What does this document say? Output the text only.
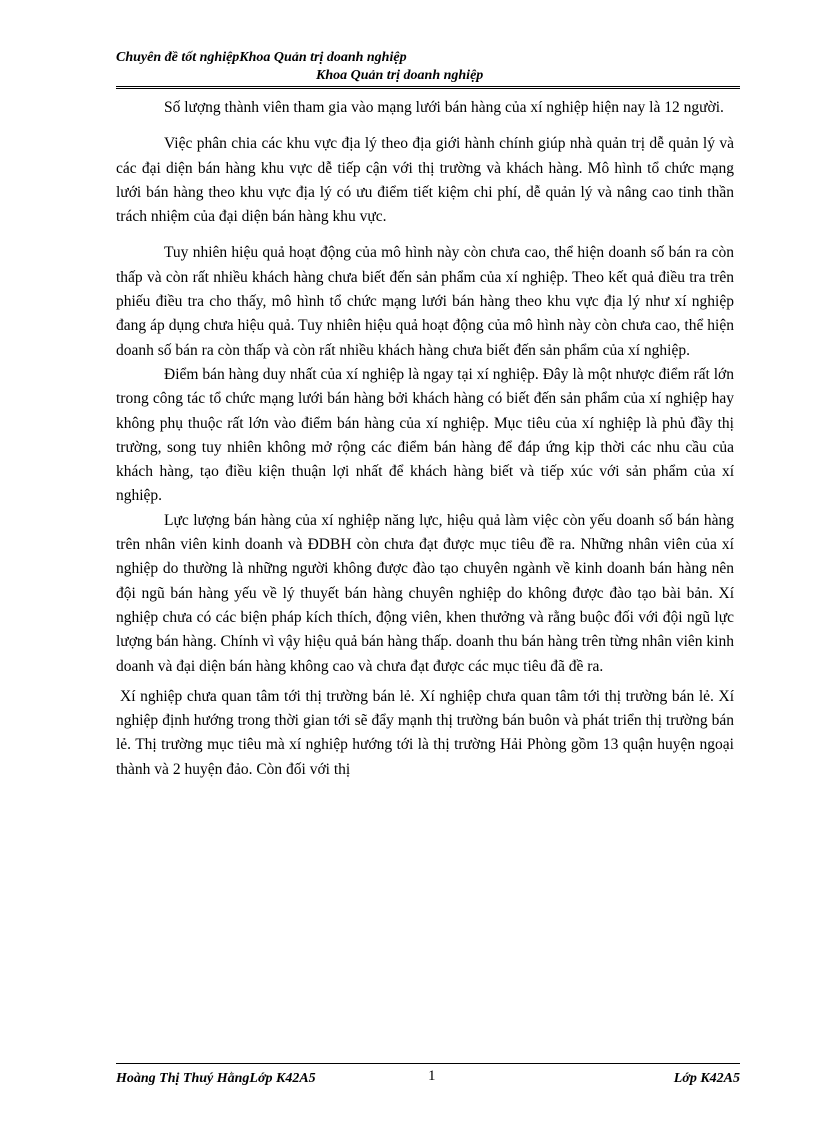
Chuyên đề tốt nghiệpKhoa Quản trị doanh nghiệp
Khoa Quản trị doanh nghiệp

Số lượng thành viên tham gia vào mạng lưới bán hàng của xí nghiệp hiện nay là 12 người.

Việc phân chia các khu vực địa lý theo địa giới hành chính giúp nhà quản trị dễ quản lý và các đại diện bán hàng khu vực dễ tiếp cận với thị trường và khách hàng. Mô hình tổ chức mạng lưới bán hàng theo khu vực địa lý có ưu điểm tiết kiệm chi phí, dễ quản lý và nâng cao tinh thần trách nhiệm của đại diện bán hàng khu vực.

Tuy nhiên hiệu quả hoạt động của mô hình này còn chưa cao, thể hiện doanh số bán ra còn thấp và còn rất nhiều khách hàng chưa biết đến sản phẩm của xí nghiệp. Theo kết quả điều tra trên phiếu điều tra cho thấy, mô hình tổ chức mạng lưới bán hàng theo khu vực địa lý như xí nghiệp đang áp dụng chưa hiệu quả. Tuy nhiên hiệu quả hoạt động của mô hình này còn chưa cao, thể hiện doanh số bán ra còn thấp và còn rất nhiều khách hàng chưa biết đến sản phẩm của xí nghiệp.

Điểm bán hàng duy nhất của xí nghiệp là ngay tại xí nghiệp. Đây là một nhược điểm rất lớn trong công tác tổ chức mạng lưới bán hàng bởi khách hàng có biết đến sản phẩm của xí nghiệp hay không phụ thuộc rất lớn vào điểm bán hàng của xí nghiệp. Mục tiêu của xí nghiệp là phủ đầy thị trường, song tuy nhiên không mở rộng các điểm bán hàng để đáp ứng kịp thời các nhu cầu của khách hàng, tạo điều kiện thuận lợi nhất để khách hàng biết và tiếp xúc với sản phẩm của xí nghiệp.

Lực lượng bán hàng của xí nghiệp năng lực, hiệu quả làm việc còn yếu doanh số bán hàng trên nhân viên kinh doanh và ĐDBH còn chưa đạt được mục tiêu đề ra. Những nhân viên của xí nghiệp do thường là những người không được đào tạo chuyên ngành về kinh doanh bán hàng nên đội ngũ bán hàng yếu về lý thuyết bán hàng chuyên nghiệp do không được đào tạo bài bản. Xí nghiệp chưa có các biện pháp kích thích, động viên, khen thưởng và rằng buộc đối với đội ngũ lực lượng bán hàng. Chính vì vậy hiệu quả bán hàng thấp. doanh thu bán hàng trên từng nhân viên kinh doanh và đại diện bán hàng không cao và chưa đạt được các mục tiêu đã đề ra.

Xí nghiệp chưa quan tâm tới thị trường bán lẻ. Xí nghiệp chưa quan tâm tới thị trường bán lẻ. Xí nghiệp định hướng trong thời gian tới sẽ đẩy mạnh thị trường bán buôn và phát triển thị trường bán lẻ. Thị trường mục tiêu mà xí nghiệp hướng tới là thị trường Hải Phòng gồm 13 quận huyện ngoại thành và 2 huyện đảo. Còn đối với thị

Hoàng Thị Thuý HằngLớp K42A5	1	Lớp K42A5
